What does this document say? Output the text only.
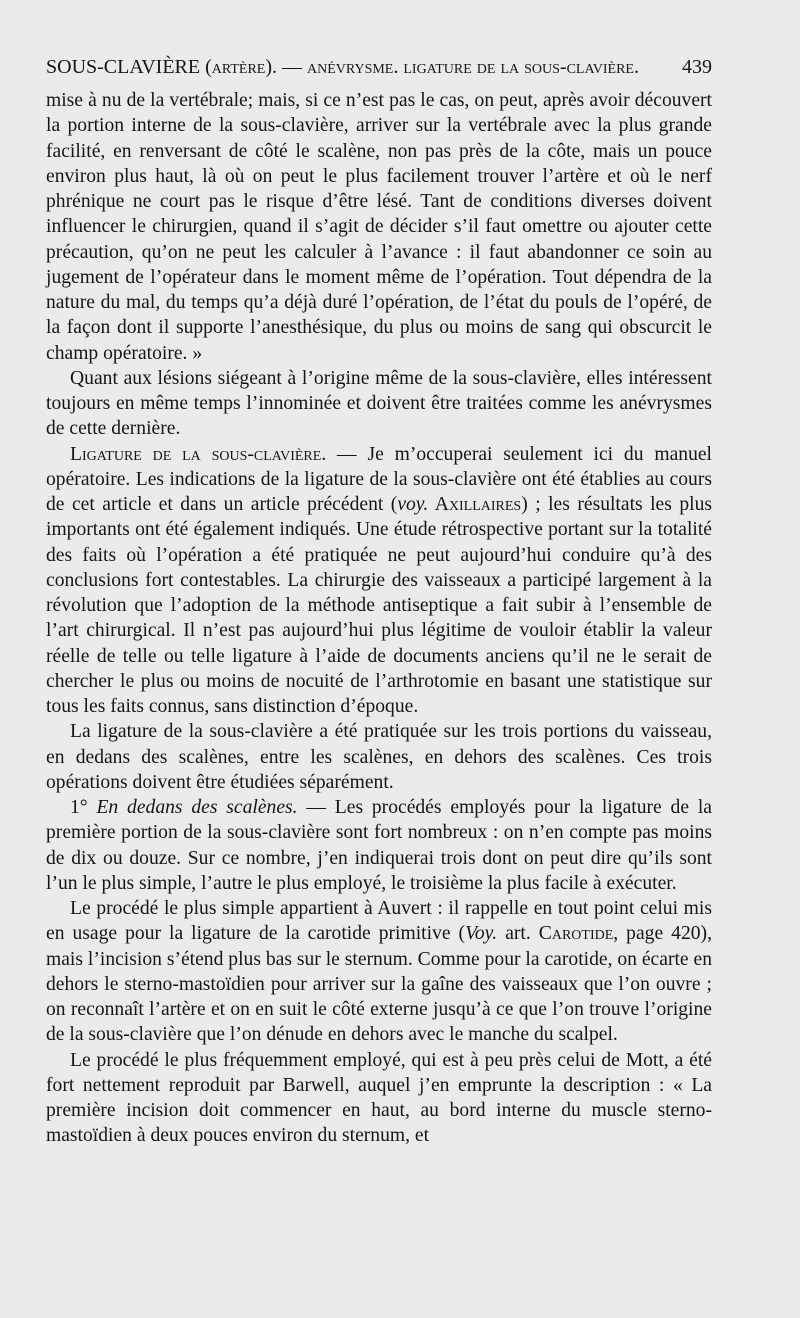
SOUS-CLAVIÈRE (artère). — anévrysme. ligature de la sous-clavière. 439

mise à nu de la vertébrale; mais, si ce n’est pas le cas, on peut, après avoir découvert la portion interne de la sous-clavière, arriver sur la vertébrale avec la plus grande facilité, en renversant de côté le scalène, non pas près de la côte, mais un pouce environ plus haut, là où on peut le plus facilement trouver l’artère et où le nerf phrénique ne court pas le risque d’être lésé. Tant de conditions diverses doivent influencer le chirurgien, quand il s’agit de décider s’il faut omettre ou ajouter cette précaution, qu’on ne peut les calculer à l’avance : il faut abandonner ce soin au jugement de l’opérateur dans le moment même de l’opération. Tout dépendra de la nature du mal, du temps qu’a déjà duré l’opération, de l’état du pouls de l’opéré, de la façon dont il supporte l’anesthésique, du plus ou moins de sang qui obscurcit le champ opératoire. »

Quant aux lésions siégeant à l’origine même de la sous-clavière, elles intéressent toujours en même temps l’innominée et doivent être traitées comme les anévrysmes de cette dernière.

Ligature de la sous-clavière. — Je m’occuperai seulement ici du manuel opératoire. Les indications de la ligature de la sous-clavière ont été établies au cours de cet article et dans un article précédent (voy. Axillaires) ; les résultats les plus importants ont été également indiqués. Une étude rétrospective portant sur la totalité des faits où l’opération a été pratiquée ne peut aujourd’hui conduire qu’à des conclusions fort contestables. La chirurgie des vaisseaux a participé largement à la révolution que l’adoption de la méthode antiseptique a fait subir à l’ensemble de l’art chirurgical. Il n’est pas aujourd’hui plus légitime de vouloir établir la valeur réelle de telle ou telle ligature à l’aide de documents anciens qu’il ne le serait de chercher le plus ou moins de nocuité de l’arthrotomie en basant une statistique sur tous les faits connus, sans distinction d’époque.

La ligature de la sous-clavière a été pratiquée sur les trois portions du vaisseau, en dedans des scalènes, entre les scalènes, en dehors des scalènes. Ces trois opérations doivent être étudiées séparément.

1° En dedans des scalènes. — Les procédés employés pour la ligature de la première portion de la sous-clavière sont fort nombreux : on n’en compte pas moins de dix ou douze. Sur ce nombre, j’en indiquerai trois dont on peut dire qu’ils sont l’un le plus simple, l’autre le plus employé, le troisième la plus facile à exécuter.

Le procédé le plus simple appartient à Auvert : il rappelle en tout point celui mis en usage pour la ligature de la carotide primitive (Voy. art. Carotide, page 420), mais l’incision s’étend plus bas sur le sternum. Comme pour la carotide, on écarte en dehors le sterno-mastoïdien pour arriver sur la gaîne des vaisseaux que l’on ouvre ; on reconnaît l’artère et on en suit le côté externe jusqu’à ce que l’on trouve l’origine de la sous-clavière que l’on dénude en dehors avec le manche du scalpel.

Le procédé le plus fréquemment employé, qui est à peu près celui de Mott, a été fort nettement reproduit par Barwell, auquel j’en emprunte la description : « La première incision doit commencer en haut, au bord interne du muscle sterno-mastoïdien à deux pouces environ du sternum, et
